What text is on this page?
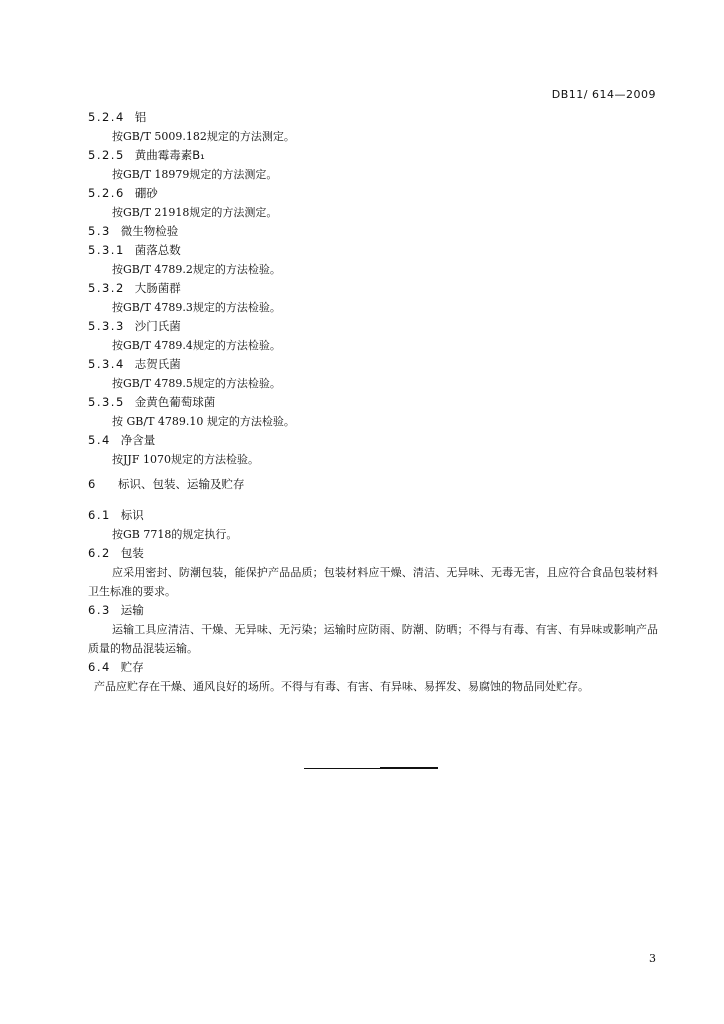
DB11/ 614—2009
5.2.4 铝
按GB/T 5009.182规定的方法测定。
5.2.5 黄曲霉毒素B₁
按GB/T 18979规定的方法测定。
5.2.6 硼砂
按GB/T 21918规定的方法测定。
5.3 微生物检验
5.3.1 菌落总数
按GB/T 4789.2规定的方法检验。
5.3.2 大肠菌群
按GB/T 4789.3规定的方法检验。
5.3.3 沙门氏菌
按GB/T 4789.4规定的方法检验。
5.3.4 志贺氏菌
按GB/T 4789.5规定的方法检验。
5.3.5 金黄色葡萄球菌
按 GB/T 4789.10 规定的方法检验。
5.4 净含量
按JJF 1070规定的方法检验。
6 标识、包装、运输及贮存
6.1 标识
按GB 7718的规定执行。
6.2 包装
应采用密封、防潮包装，能保护产品品质；包装材料应干燥、清洁、无异味、无毒无害，且应符合食品包装材料卫生标准的要求。
6.3 运输
运输工具应清洁、干燥、无异味、无污染；运输时应防雨、防潮、防晒；不得与有毒、有害、有异味或影响产品质量的物品混装运输。
6.4 贮存
产品应贮存在干燥、通风良好的场所。不得与有毒、有害、有异味、易挥发、易腐蚀的物品同处贮存。
3
